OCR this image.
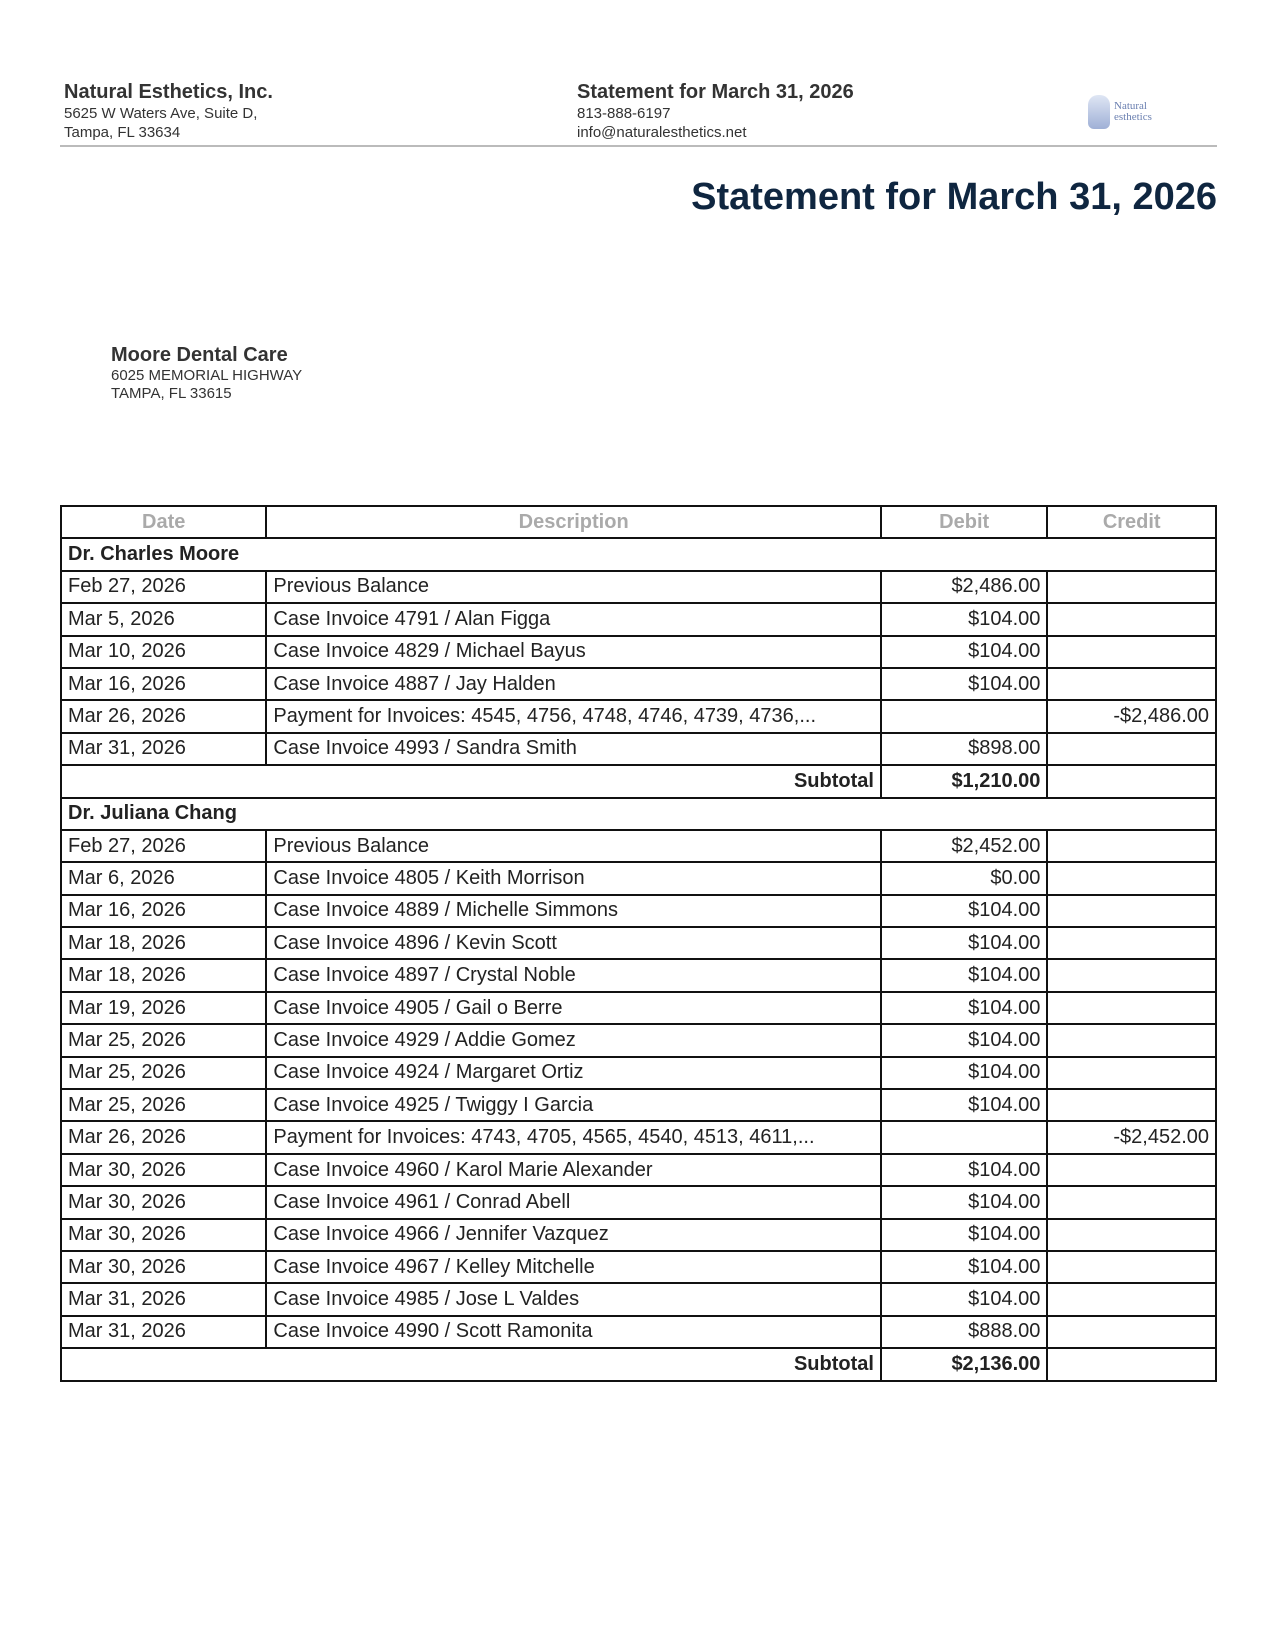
Natural Esthetics, Inc.
5625 W Waters Ave, Suite D,
Tampa, FL 33634
Statement for March 31, 2026
813-888-6197
info@naturalesthetics.net
Natural
esthetics
Statement for March 31, 2026
Moore Dental Care
6025 MEMORIAL HIGHWAY
TAMPA, FL 33615
Date	Description	Debit	Credit
Dr. Charles Moore			
Feb 27, 2026	Previous Balance	$2,486.00	
Mar 5, 2026	Case Invoice 4791 / Alan Figga	$104.00	
Mar 10, 2026	Case Invoice 4829 / Michael Bayus	$104.00	
Mar 16, 2026	Case Invoice 4887 / Jay Halden	$104.00	
Mar 26, 2026	Payment for Invoices: 4545, 4756, 4748, 4746, 4739, 4736,...		-$2,486.00
Mar 31, 2026	Case Invoice 4993 / Sandra Smith	$898.00	
Subtotal		$1,210.00	
Dr. Juliana Chang			
Feb 27, 2026	Previous Balance	$2,452.00	
Mar 6, 2026	Case Invoice 4805 / Keith Morrison	$0.00	
Mar 16, 2026	Case Invoice 4889 / Michelle Simmons	$104.00	
Mar 18, 2026	Case Invoice 4896 / Kevin Scott	$104.00	
Mar 18, 2026	Case Invoice 4897 / Crystal Noble	$104.00	
Mar 19, 2026	Case Invoice 4905 / Gail o Berre	$104.00	
Mar 25, 2026	Case Invoice 4929 / Addie Gomez	$104.00	
Mar 25, 2026	Case Invoice 4924 / Margaret Ortiz	$104.00	
Mar 25, 2026	Case Invoice 4925 / Twiggy I Garcia	$104.00	
Mar 26, 2026	Payment for Invoices: 4743, 4705, 4565, 4540, 4513, 4611,...		-$2,452.00
Mar 30, 2026	Case Invoice 4960 / Karol Marie Alexander	$104.00	
Mar 30, 2026	Case Invoice 4961 / Conrad Abell	$104.00	
Mar 30, 2026	Case Invoice 4966 / Jennifer Vazquez	$104.00	
Mar 30, 2026	Case Invoice 4967 / Kelley Mitchelle	$104.00	
Mar 31, 2026	Case Invoice 4985 / Jose L Valdes	$104.00	
Mar 31, 2026	Case Invoice 4990 / Scott Ramonita	$888.00	
Subtotal		$2,136.00	
